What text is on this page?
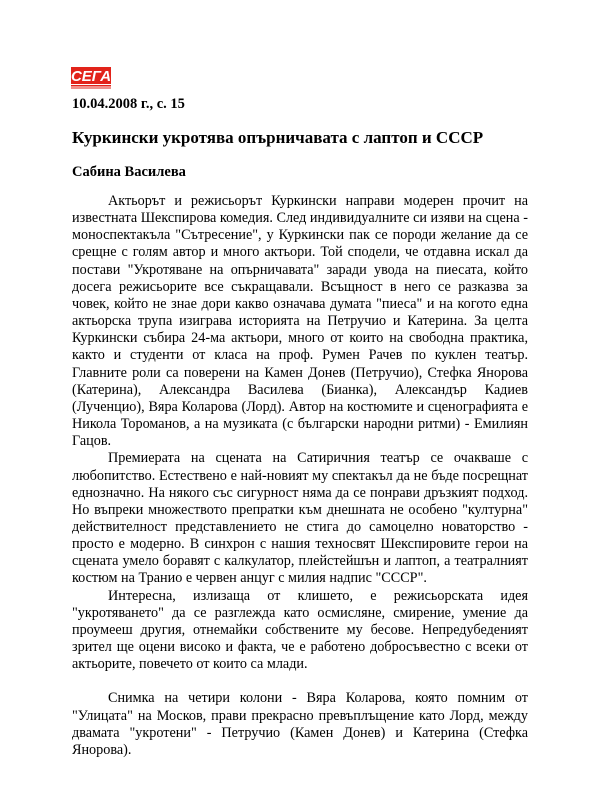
СЕГА
10.04.2008 г., с. 15
Куркински укротява опърничавата с лаптоп и СССР
Сабина Василева

Актьорът и режисьорът Куркински направи модерен прочит на известната Шекспирова комедия. След индивидуалните си изяви на сцена - моноспектакъла "Сътресение", у Куркински пак се породи желание да се срещне с голям автор и много актьори. Той сподели, че отдавна искал да постави "Укротяване на опърничавата" заради увода на пиесата, който досега режисьорите все съкращавали. Всъщност в него се разказва за човек, който не знае дори какво означава думата "пиеса" и на когото една актьорска трупа изиграва историята на Петручио и Катерина. За целта Куркински събира 24-ма актьори, много от които на свободна практика, както и студенти от класа на проф. Румен Рачев по куклен театър. Главните роли са поверени на Камен Донев (Петручио), Стефка Янорова (Катерина), Александра Василева (Бианка), Александър Кадиев (Лученцио), Вяра Коларова (Лорд). Автор на костюмите и сценографията е Никола Тороманов, а на музиката (с български народни ритми) - Емилиян Гацов.

Премиерата на сцената на Сатиричния театър се очакваше с любопитство. Естествено е най-новият му спектакъл да не бъде посрещнат еднозначно. На някого със сигурност няма да се понрави дръзкият подход. Но въпреки множеството препратки към днешната не особено "културна" действителност представлението не стига до самоцелно новаторство - просто е модерно. В синхрон с нашия техносвят Шекспировите герои на сцената умело боравят с калкулатор, плейстейшън и лаптоп, а театралният костюм на Транио е червен анцуг с милия надпис "СССР".

Интересна, излизаща от клишето, е режисьорската идея "укротяването" да се разглежда като осмисляне, смирение, умение да проумееш другия, отнемайки собствените му бесове. Непредубеденият зрител ще оцени високо и факта, че е работено добросъвестно с всеки от актьорите, повечето от които са млади.

Снимка на четири колони - Вяра Коларова, която помним от "Улицата" на Москов, прави прекрасно превъплъщение като Лорд, между двамата "укротени" - Петручио (Камен Донев) и Катерина (Стефка Янорова).
